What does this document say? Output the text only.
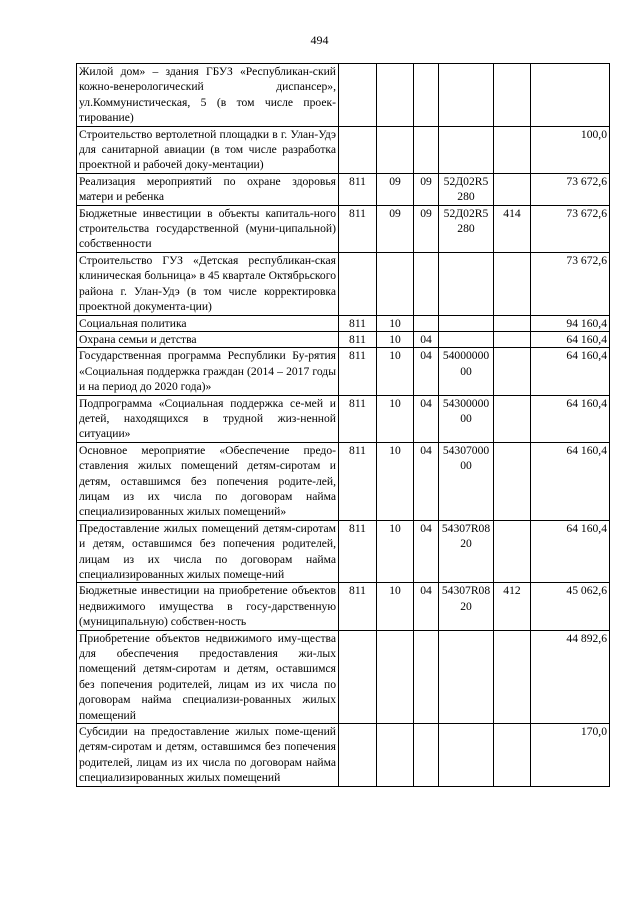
494
Жилой дом» – здания ГБУЗ «Республикан-ский кожно-венерологический диспансер», ул.Коммунистическая, 5 (в том числе проек-тирование)						
Строительство вертолетной площадки в г. Улан-Удэ для санитарной авиации (в том числе разработка проектной и рабочей доку-ментации)						100,0
Реализация мероприятий по охране здоровья матери и ребенка	811	09	09	52Д02R5280		73 672,6
Бюджетные инвестиции в объекты капиталь-ного строительства государственной (муни-ципальной) собственности	811	09	09	52Д02R5280	414	73 672,6
Строительство ГУЗ «Детская республикан-ская клиническая больница» в 45 квартале Октябрьского района г. Улан-Удэ (в том числе корректировка проектной документа-ции)						73 672,6
Социальная политика	811	10				94 160,4
Охрана семьи и детства	811	10	04			64 160,4
Государственная программа Республики Бу-рятия «Социальная поддержка граждан (2014 – 2017 годы и на период до 2020 года)»	811	10	04	5400000000		64 160,4
Подпрограмма «Социальная поддержка се-мей и детей, находящихся в трудной жиз-ненной ситуации»	811	10	04	5430000000		64 160,4
Основное мероприятие «Обеспечение предо-ставления жилых помещений детям-сиротам и детям, оставшимся без попечения родите-лей, лицам из их числа по договорам найма специализированных жилых помещений»	811	10	04	5430700000		64 160,4
Предоставление жилых помещений детям-сиротам и детям, оставшимся без попечения родителей, лицам из их числа по договорам найма специализированных жилых помеще-ний	811	10	04	54307R0820		64 160,4
Бюджетные инвестиции на приобретение объектов недвижимого имущества в госу-дарственную (муниципальную) собствен-ность	811	10	04	54307R0820	412	45 062,6
Приобретение объектов недвижимого иму-щества для обеспечения предоставления жи-лых помещений детям-сиротам и детям, оставшимся без попечения родителей, лицам из их числа по договорам найма специализи-рованных жилых помещений						44 892,6
Субсидии на предоставление жилых поме-щений детям-сиротам и детям, оставшимся без попечения родителей, лицам из их числа по договорам найма специализированных жилых помещений						170,0
